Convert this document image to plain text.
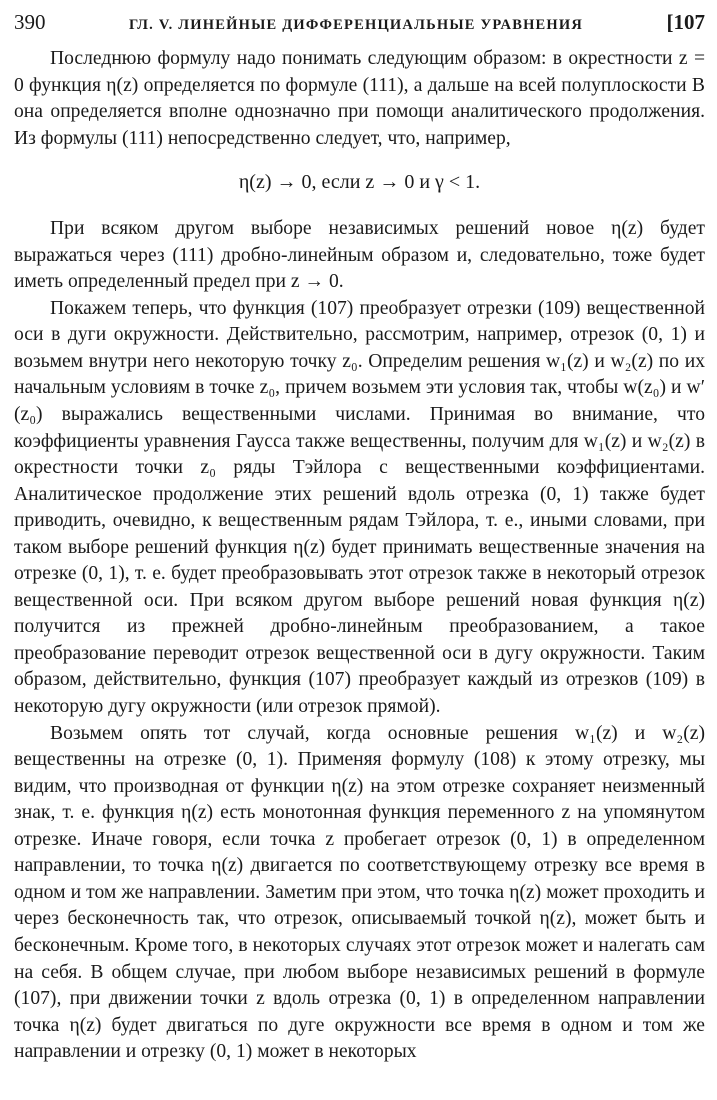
390	ГЛ. V. ЛИНЕЙНЫЕ ДИФФЕРЕНЦИАЛЬНЫЕ УРАВНЕНИЯ	[107

Последнюю формулу надо понимать следующим образом: в окрестности z = 0 функция η(z) определяется по формуле (111), а дальше на всей полуплоскости B она определяется вполне однозначно при помощи аналитического продолжения. Из формулы (111) непосредственно следует, что, например,

η(z) → 0, если z → 0 и γ < 1.

При всяком другом выборе независимых решений новое η(z) будет выражаться через (111) дробно-линейным образом и, следовательно, тоже будет иметь определенный предел при z → 0.

Покажем теперь, что функция (107) преобразует отрезки (109) вещественной оси в дуги окружности. Действительно, рассмотрим, например, отрезок (0, 1) и возьмем внутри него некоторую точку z₀. Определим решения w₁(z) и w₂(z) по их начальным условиям в точке z₀, причем возьмем эти условия так, чтобы w(z₀) и w′(z₀) выражались вещественными числами. Принимая во внимание, что коэффициенты уравнения Гаусса также вещественны, получим для w₁(z) и w₂(z) в окрестности точки z₀ ряды Тэйлора с вещественными коэффициентами. Аналитическое продолжение этих решений вдоль отрезка (0, 1) также будет приводить, очевидно, к вещественным рядам Тэйлора, т. е., иными словами, при таком выборе решений функция η(z) будет принимать вещественные значения на отрезке (0, 1), т. е. будет преобразовывать этот отрезок также в некоторый отрезок вещественной оси. При всяком другом выборе решений новая функция η(z) получится из прежней дробно-линейным преобразованием, а такое преобразование переводит отрезок вещественной оси в дугу окружности. Таким образом, действительно, функция (107) преобразует каждый из отрезков (109) в некоторую дугу окружности (или отрезок прямой).

Возьмем опять тот случай, когда основные решения w₁(z) и w₂(z) вещественны на отрезке (0, 1). Применяя формулу (108) к этому отрезку, мы видим, что производная от функции η(z) на этом отрезке сохраняет неизменный знак, т. е. функция η(z) есть монотонная функция переменного z на упомянутом отрезке. Иначе говоря, если точка z пробегает отрезок (0, 1) в определенном направлении, то точка η(z) двигается по соответствующему отрезку все время в одном и том же направлении. Заметим при этом, что точка η(z) может проходить и через бесконечность так, что отрезок, описываемый точкой η(z), может быть и бесконечным. Кроме того, в некоторых случаях этот отрезок может и налегать сам на себя. В общем случае, при любом выборе независимых решений в формуле (107), при движении точки z вдоль отрезка (0, 1) в определенном направлении точка η(z) будет двигаться по дуге окружности все время в одном и том же направлении и отрезку (0, 1) может в некоторых
